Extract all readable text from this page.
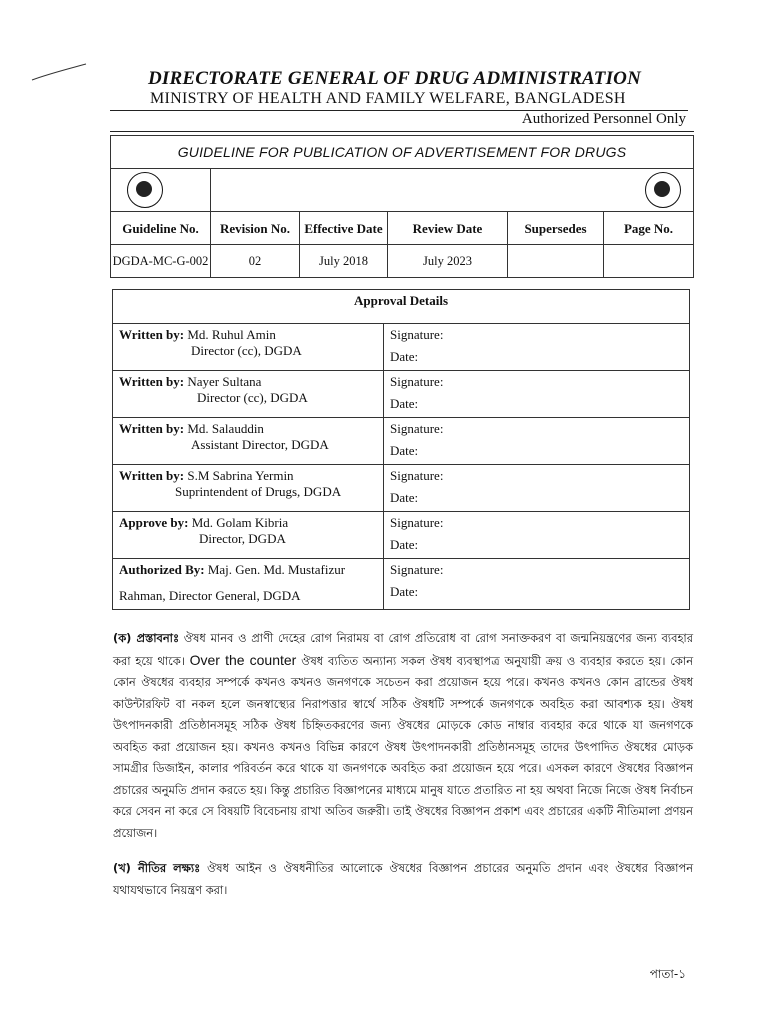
DIRECTORATE GENERAL OF DRUG ADMINISTRATION
MINISTRY OF HEALTH AND FAMILY WELFARE, BANGLADESH
Authorized Personnel Only
GUIDELINE FOR PUBLICATION OF ADVERTISEMENT FOR DRUGS					

Guideline No.	Revision No.	Effective Date	Review Date	Supersedes	Page No.
DGDA-MC-G-002	02	July 2018	July 2023		
Approval Details	

Written by: Md. Ruhul Amin
Director (cc), DGDA	Signature:
Date:

Written by: Nayer Sultana
Director (cc), DGDA	Signature:
Date:

Written by: Md. Salauddin
Assistant Director, DGDA	Signature:
Date:

Written by: S.M Sabrina Yermin
Suprintendent of Drugs, DGDA	Signature:
Date:

Approve by: Md. Golam Kibria
Director, DGDA	Signature:
Date:

Authorized By: Maj. Gen. Md. Mustafizur
Rahman, Director General, DGDA	Signature:
Date:
(ক) প্রস্তাবনাঃ ঔষধ মানব ও প্রাণী দেহের রোগ নিরাময় বা রোগ প্রতিরোধ বা রোগ সনাক্তকরণ বা জন্মনিয়ন্ত্রণের জন্য ব্যবহার করা হয়ে থাকে। Over the counter ঔষধ ব্যতিত অন্যান্য সকল ঔষধ ব্যবস্থাপত্র অনুযায়ী ক্রয় ও ব্যবহার করতে হয়। কোন কোন ঔষধের ব্যবহার সম্পর্কে কখনও কখনও জনগণকে সচেতন করা প্রয়োজন হয়ে পরে। কখনও কখনও কোন ব্রান্ডের ঔষধ কাউন্টারফিট বা নকল হলে জনস্বাস্থ্যের নিরাপত্তার স্বার্থে সঠিক ঔষধটি সম্পর্কে জনগণকে অবহিত করা আবশ্যক হয়। ঔষধ উৎপাদনকারী প্রতিষ্ঠানসমূহ সঠিক ঔষধ চিহ্নিতকরণের জন্য ঔষধের মোড়কে কোড নাম্বার ব্যবহার করে থাকে যা জনগণকে অবহিত করা প্রয়োজন হয়। কখনও কখনও বিভিন্ন কারণে ঔষধ উৎপাদনকারী প্রতিষ্ঠানসমূহ তাদের উৎপাদিত ঔষধের মোড়ক সামগ্রীর ডিজাইন, কালার পরিবর্তন করে থাকে যা জনগণকে অবহিত করা প্রয়োজন হয়ে পরে। এসকল কারণে ঔষধের বিজ্ঞাপন প্রচারের অনুমতি প্রদান করতে হয়। কিন্তু প্রচারিত বিজ্ঞাপনের মাধ্যমে মানুষ যাতে প্রতারিত না হয় অথবা নিজে নিজে ঔষধ নির্বাচন করে সেবন না করে সে বিষয়টি বিবেচনায় রাখা অতিব জরুরী। তাই ঔষধের বিজ্ঞাপন প্রকাশ এবং প্রচারের একটি নীতিমালা প্রণয়ন প্রয়োজন।
(খ) নীতির লক্ষ্যঃ ঔষধ আইন ও ঔষধনীতির আলোকে ঔষধের বিজ্ঞাপন প্রচারের অনুমতি প্রদান এবং ঔষধের বিজ্ঞাপন যথাযথভাবে নিয়ন্ত্রণ করা।
পাতা-১
